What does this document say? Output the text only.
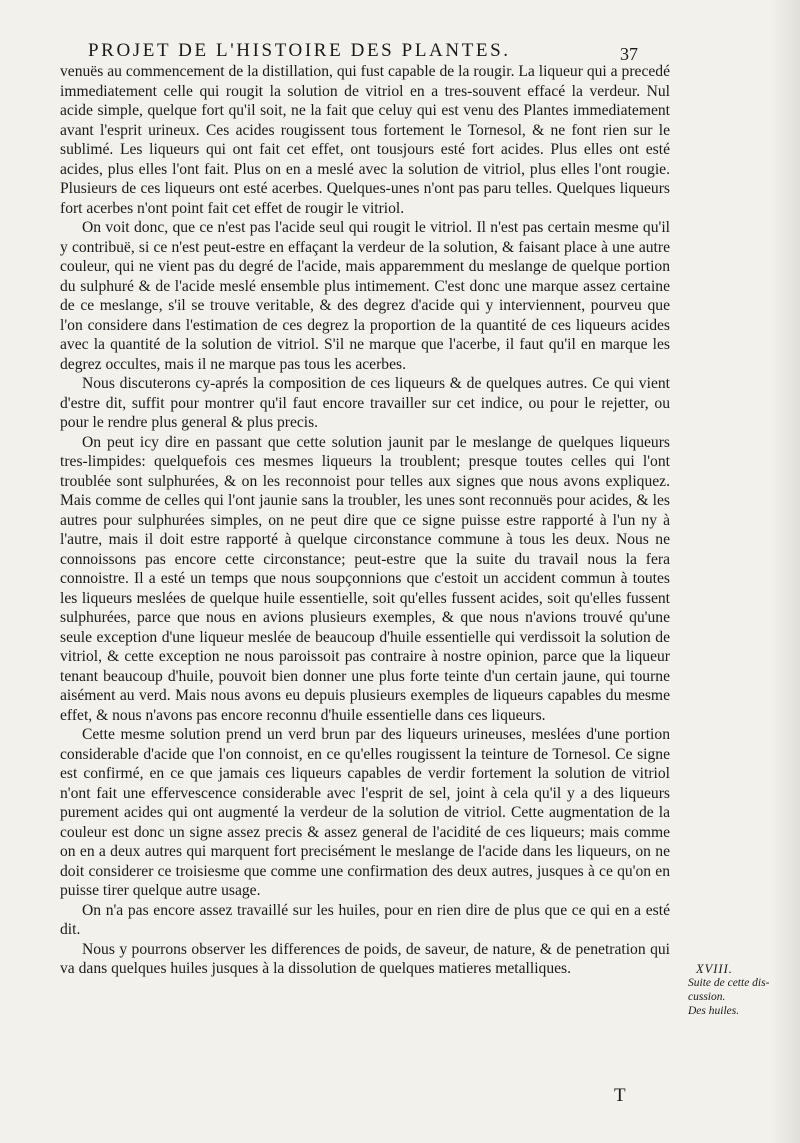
PROJET DE L'HISTOIRE DES PLANTES.	37

venuës au commencement de la distillation, qui fust capable de la rougir. La liqueur qui a precedé immediatement celle qui rougit la solution de vitriol en a tres-souvent effacé la verdeur. Nul acide simple, quelque fort qu'il soit, ne la fait que celuy qui est venu des Plantes immediatement avant l'esprit urineux. Ces acides rougissent tous fortement le Tornesol, & ne font rien sur le sublimé. Les liqueurs qui ont fait cet effet, ont tousjours esté fort acides. Plus elles ont esté acides, plus elles l'ont fait. Plus on en a meslé avec la solution de vitriol, plus elles l'ont rougie. Plusieurs de ces liqueurs ont esté acerbes. Quelques-unes n'ont pas paru telles. Quelques liqueurs fort acerbes n'ont point fait cet effet de rougir le vitriol.

On voit donc, que ce n'est pas l'acide seul qui rougit le vitriol. Il n'est pas certain mesme qu'il y contribuë, si ce n'est peut-estre en effaçant la verdeur de la solution, & faisant place à une autre couleur, qui ne vient pas du degré de l'acide, mais apparemment du meslange de quelque portion du sulphuré & de l'acide meslé ensemble plus intimement. C'est donc une marque assez certaine de ce meslange, s'il se trouve veritable, & des degrez d'acide qui y interviennent, pourveu que l'on considere dans l'estimation de ces degrez la proportion de la quantité de ces liqueurs acides avec la quantité de la solution de vitriol. S'il ne marque que l'acerbe, il faut qu'il en marque les degrez occultes, mais il ne marque pas tous les acerbes.

Nous discuterons cy-aprés la composition de ces liqueurs & de quelques autres. Ce qui vient d'estre dit, suffit pour montrer qu'il faut encore travailler sur cet indice, ou pour le rejetter, ou pour le rendre plus general & plus precis.

On peut icy dire en passant que cette solution jaunit par le meslange de quelques liqueurs tres-limpides: quelquefois ces mesmes liqueurs la troublent; presque toutes celles qui l'ont troublée sont sulphurées, & on les reconnoist pour telles aux signes que nous avons expliquez. Mais comme de celles qui l'ont jaunie sans la troubler, les unes sont reconnuës pour acides, & les autres pour sulphurées simples, on ne peut dire que ce signe puisse estre rapporté à l'un ny à l'autre, mais il doit estre rapporté à quelque circonstance commune à tous les deux. Nous ne connoissons pas encore cette circonstance; peut-estre que la suite du travail nous la fera connoistre. Il a esté un temps que nous soupçonnions que c'estoit un accident commun à toutes les liqueurs meslées de quelque huile essentielle, soit qu'elles fussent acides, soit qu'elles fussent sulphurées, parce que nous en avions plusieurs exemples, & que nous n'avions trouvé qu'une seule exception d'une liqueur meslée de beaucoup d'huile essentielle qui verdissoit la solution de vitriol, & cette exception ne nous paroissoit pas contraire à nostre opinion, parce que la liqueur tenant beaucoup d'huile, pouvoit bien donner une plus forte teinte d'un certain jaune, qui tourne aisément au verd. Mais nous avons eu depuis plusieurs exemples de liqueurs capables du mesme effet, & nous n'avons pas encore reconnu d'huile essentielle dans ces liqueurs.

Cette mesme solution prend un verd brun par des liqueurs urineuses, meslées d'une portion considerable d'acide que l'on connoist, en ce qu'elles rougissent la teinture de Tornesol. Ce signe est confirmé, en ce que jamais ces liqueurs capables de verdir fortement la solution de vitriol n'ont fait une effervescence considerable avec l'esprit de sel, joint à cela qu'il y a des liqueurs purement acides qui ont augmenté la verdeur de la solution de vitriol. Cette augmentation de la couleur est donc un signe assez precis & assez general de l'acidité de ces liqueurs; mais comme on en a deux autres qui marquent fort precisément le meslange de l'acide dans les liqueurs, on ne doit considerer ce troisiesme que comme une confirmation des deux autres, jusques à ce qu'on en puisse tirer quelque autre usage.

On n'a pas encore assez travaillé sur les huiles, pour en rien dire de plus que ce qui en a esté dit.

Nous y pourrons observer les differences de poids, de saveur, de nature, & de penetration qui va dans quelques huiles jusques à la dissolution de quelques matieres metalliques.	XVIII.
Suite de cette dis-
cussion.
Des huiles.
T
